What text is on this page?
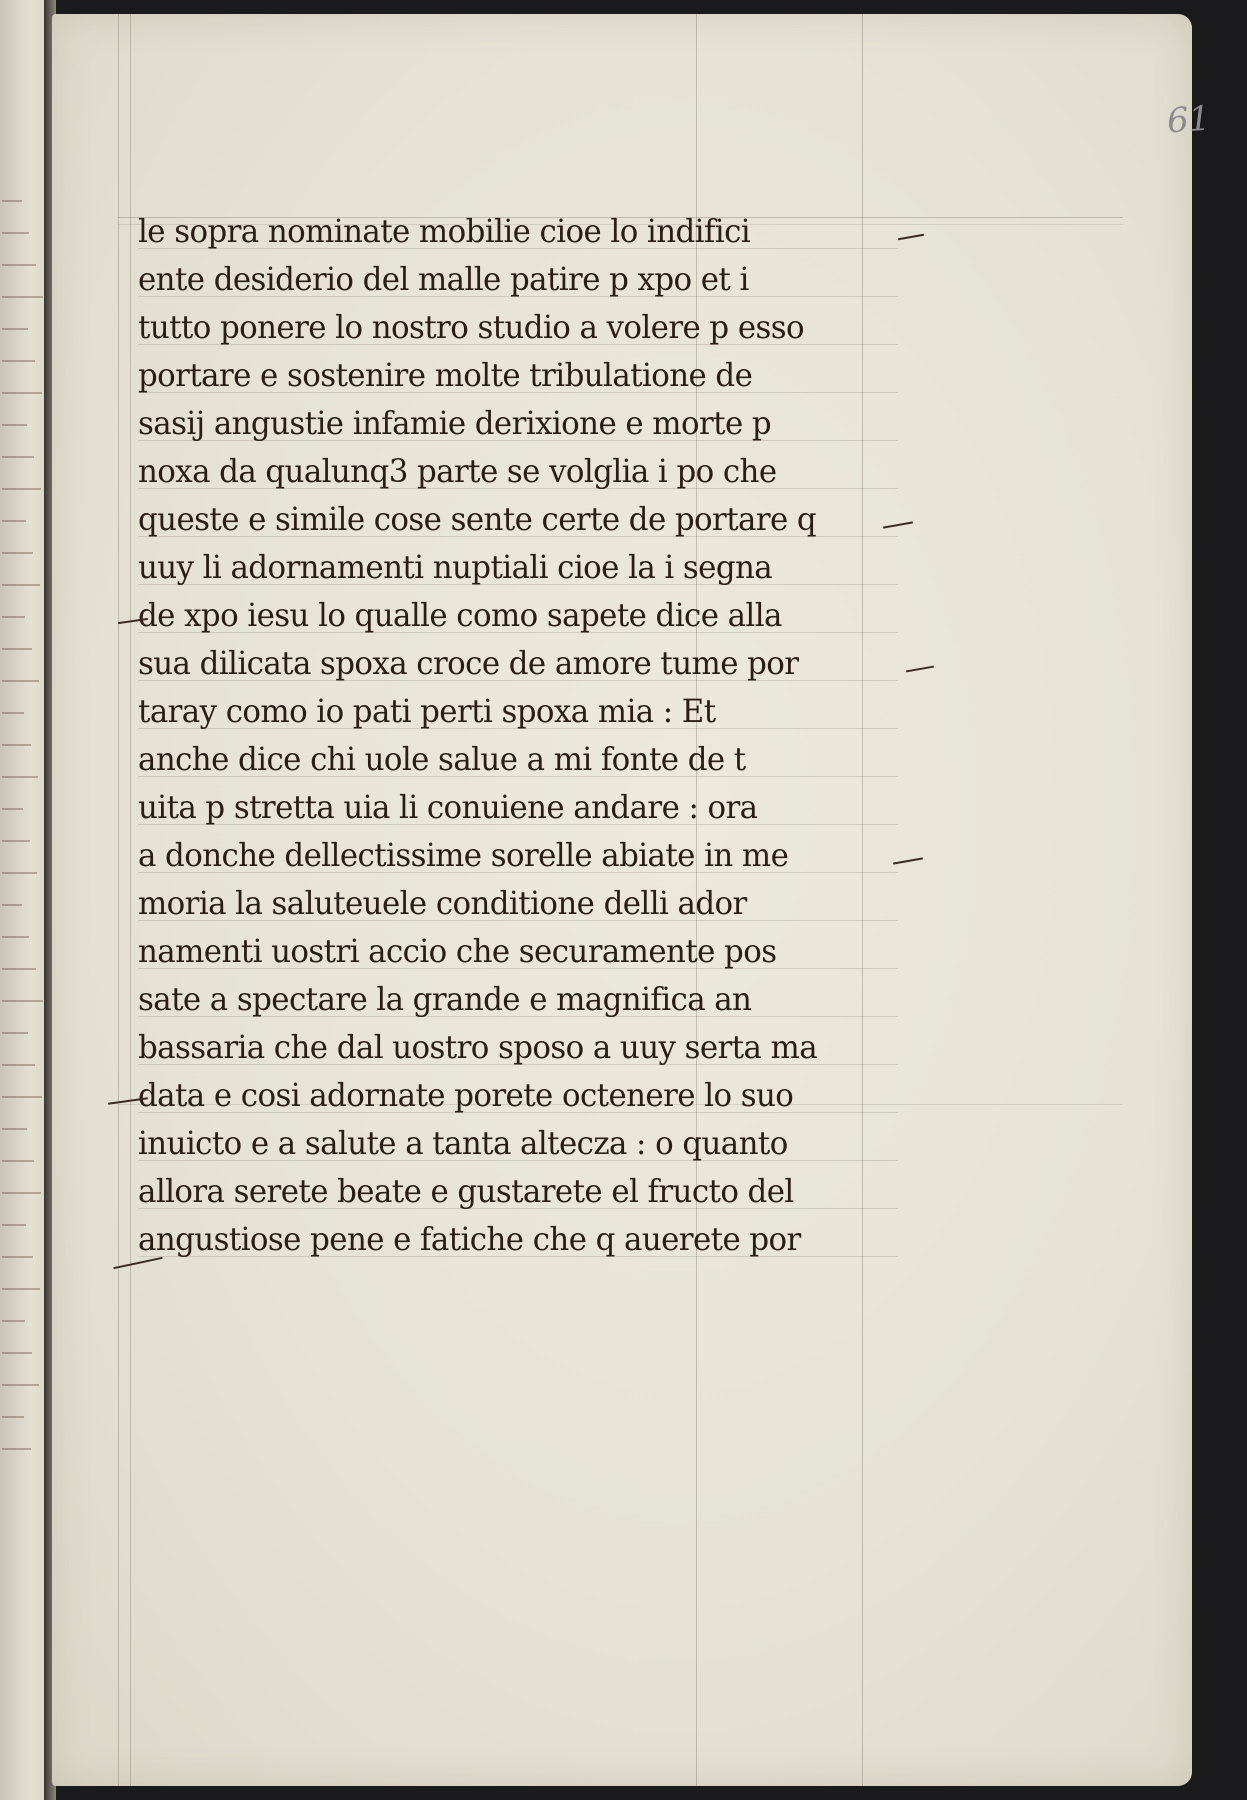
61
le sopra nominate mobilie cioe lo indifici
ente desiderio del malle patire p xpo et i
tutto ponere lo nostro studio a volere p esso
portare e sostenire molte tribulatione de
sasij angustie infamie derixione e morte p
noxa da qualunq3 parte se volglia i po che
queste e simile cose sente certe de portare q
uuy li adornamenti nuptiali cioe la i segna
de xpo iesu lo qualle como sapete dice alla
sua dilicata spoxa croce de amore tume por
taray como io pati perti spoxa mia : Et
anche dice chi uole salue a mi fonte de t
uita p stretta uia li conuiene andare : ora
a donche dellectissime sorelle abiate in me
moria la saluteuele conditione delli ador
namenti uostri accio che securamente pos
sate a spectare la grande e magnifica an
bassaria che dal uostro sposo a uuy serta ma
data e cosi adornate porete octenere lo suo
inuicto e a salute a tanta altecza : o quanto
allora serete beate e gustarete el fructo del
angustiose pene e fatiche che q auerete por
